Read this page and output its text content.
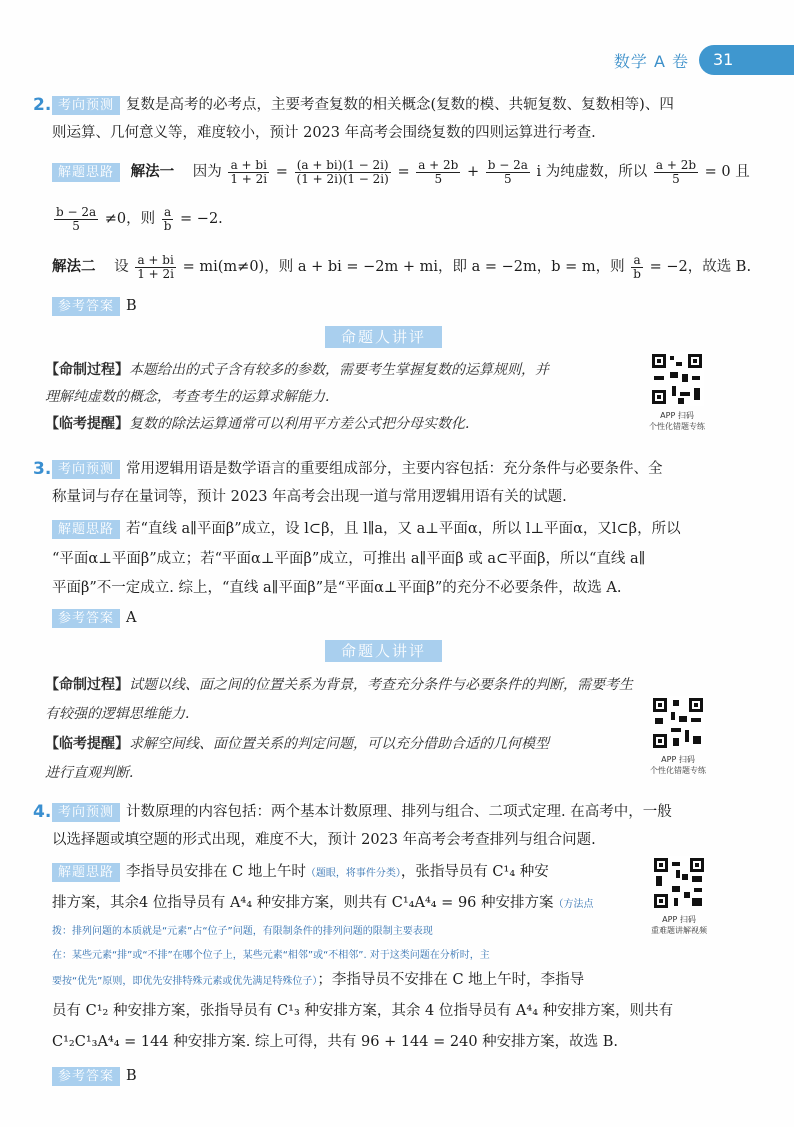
数学 A 卷	31
2. 考向预测 复数是高考的必考点，主要考查复数的相关概念(复数的模、共轭复数、复数相等)、四
则运算、几何意义等，难度较小，预计 2023 年高考会围绕复数的四则运算进行考查.
解题思路 解法一 因为 $\frac{a + bi}{1 + 2i} = \frac{(a + bi)(1 - 2i)}{(1 + 2i)(1 - 2i)} = \frac{a + 2b}{5} + \frac{b - 2a}{5}$ i 为纯虚数，所以 $\frac{a + 2b}{5} = 0$ 且
$\frac{b - 2a}{5} \ne 0$，则 $\frac{a}{b} = -2$.
解法二 设 $\frac{a + bi}{1 + 2i} = mi(m\ne 0)$，则 a + bi = −2m + mi，即 a = −2m，b = m，则 $\frac{a}{b} = -2$，故选 B.
参考答案 B
命题人讲评
【命制过程】本题给出的式子含有较多的参数，需要考生掌握复数的运算规则，并
理解纯虚数的概念，考查考生的运算求解能力.
【临考提醒】复数的除法运算通常可以利用平方差公式把分母实数化.
APP 扫码
个性化错题专练
3. 考向预测 常用逻辑用语是数学语言的重要组成部分，主要内容包括：充分条件与必要条件、全
称量词与存在量词等，预计 2023 年高考会出现一道与常用逻辑用语有关的试题.
解题思路 若“直线 a∥平面β”成立，设 l⊂β，且 l∥a，又 a⊥平面α，所以 l⊥平面α，又l⊂β，所以
“平面α⊥平面β”成立；若“平面α⊥平面β”成立，可推出 a∥平面β 或 a⊂平面β，所以“直线 a∥
平面β”不一定成立. 综上，“直线 a∥平面β”是“平面α⊥平面β”的充分不必要条件，故选 A.
参考答案 A
命题人讲评
【命制过程】试题以线、面之间的位置关系为背景，考查充分条件与必要条件的判断，需要考生
有较强的逻辑思维能力.
【临考提醒】求解空间线、面位置关系的判定问题，可以充分借助合适的几何模型
进行直观判断.
APP 扫码
个性化错题专练
4. 考向预测 计数原理的内容包括：两个基本计数原理、排列与组合、二项式定理. 在高考中，一般
以选择题或填空题的形式出现，难度不大，预计 2023 年高考会考查排列与组合问题.
解题思路 李指导员安排在 C 地上午时（题眼，将事件分类），张指导员有 C¹₄ 种安
排方案，其余4 位指导员有 A⁴₄ 种安排方案，则共有 C¹₄A⁴₄ = 96 种安排方案（方法点
拨：排列问题的本质就是“元素”占“位子”问题，有限制条件的排列问题的限制主要表现
在：某些元素“排”或“不排”在哪个位子上，某些元素“相邻”或“不相邻”. 对于这类问题在分析时，主
要按“优先”原则，即优先安排特殊元素或优先满足特殊位子）；李指导员不安排在 C 地上午时，李指导
员有 C¹₂ 种安排方案，张指导员有 C¹₃ 种安排方案，其余 4 位指导员有 A⁴₄ 种安排方案，则共有
C¹₂C¹₃A⁴₄ = 144 种安排方案. 综上可得，共有 96 + 144 = 240 种安排方案，故选 B.
参考答案 B
APP 扫码
重难题讲解视频
